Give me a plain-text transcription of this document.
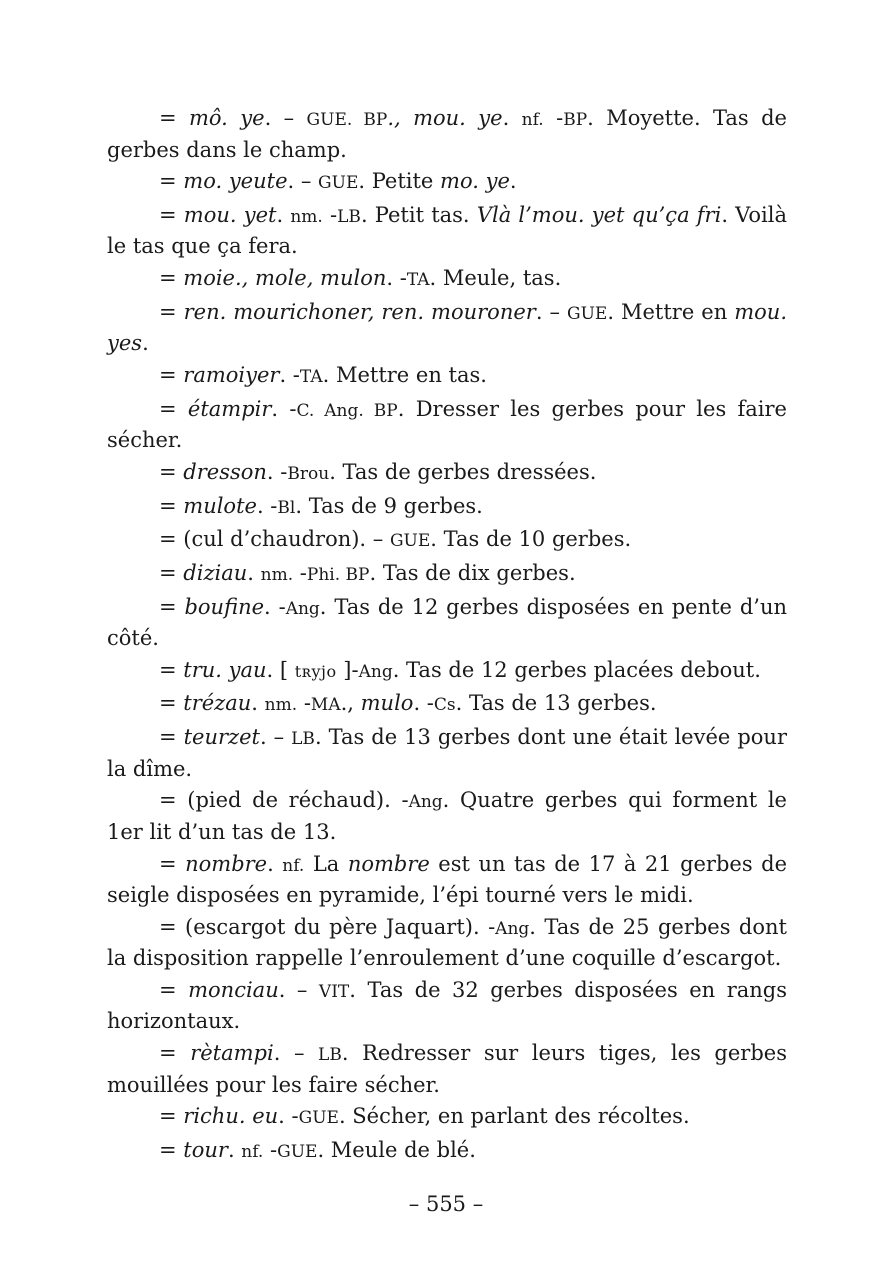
= mô. ye. – GUE. BP., mou. ye. nf. -BP. Moyette. Tas de gerbes dans le champ.

= mo. yeute. – GUE. Petite mo. ye.

= mou. yet. nm. -LB. Petit tas. Vlà l’mou. yet qu’ça fri. Voilà le tas que ça fera.

= moie., mole, mulon. -TA. Meule, tas.

= ren. mourichoner, ren. mouroner. – GUE. Mettre en mou. yes.

= ramoiyer. -TA. Mettre en tas.

= étampir. -C. Ang. BP. Dresser les gerbes pour les faire sécher.

= dresson. -Brou. Tas de gerbes dressées.

= mulote. -Bl. Tas de 9 gerbes.

= (cul d’chaudron). – GUE. Tas de 10 gerbes.

= diziau. nm. -Phi. BP. Tas de dix gerbes.

= boufine. -Ang. Tas de 12 gerbes disposées en pente d’un côté.

= tru. yau. [ tʀyjo ]-Ang. Tas de 12 gerbes placées debout.

= trézau. nm. -MA., mulo. -Cs. Tas de 13 gerbes.

= teurzet. – LB. Tas de 13 gerbes dont une était levée pour la dîme.

= (pied de réchaud). -Ang. Quatre gerbes qui forment le 1er lit d’un tas de 13.

= nombre. nf. La nombre est un tas de 17 à 21 gerbes de seigle disposées en pyramide, l’épi tourné vers le midi.

= (escargot du père Jaquart). -Ang. Tas de 25 gerbes dont la disposition rappelle l’enroulement d’une coquille d’escargot.

= monciau. – VIT. Tas de 32 gerbes disposées en rangs horizontaux.

= rètampi. – LB. Redresser sur leurs tiges, les gerbes mouillées pour les faire sécher.

= richu. eu. -GUE. Sécher, en parlant des récoltes.

= tour. nf. -GUE. Meule de blé.

– 555 –
